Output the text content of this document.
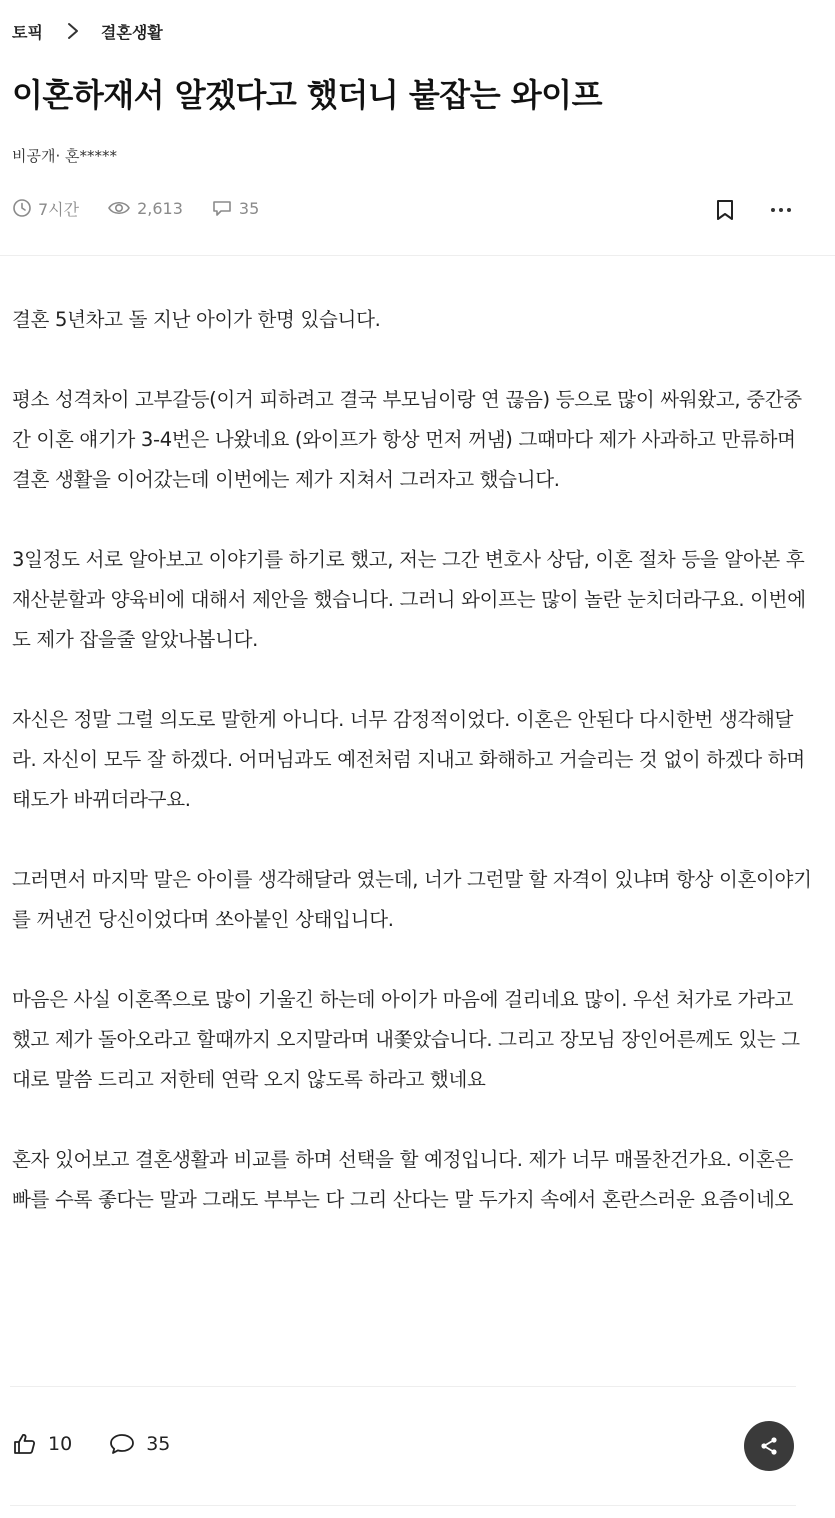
토픽	결혼생활
이혼하재서 알겠다고 했더니 붙잡는 와이프
비공개· 혼*****
7시간	2,613	35

결혼 5년차고 돌 지난 아이가 한명 있습니다.

평소 성격차이 고부갈등(이거 피하려고 결국 부모님이랑 연 끊음) 등으로 많이 싸워왔고, 중간중간 이혼 얘기가 3-4번은 나왔네요 (와이프가 항상 먼저 꺼냄) 그때마다 제가 사과하고 만류하며 결혼 생활을 이어갔는데 이번에는 제가 지쳐서 그러자고 했습니다.

3일정도 서로 알아보고 이야기를 하기로 했고, 저는 그간 변호사 상담, 이혼 절차 등을 알아본 후 재산분할과 양육비에 대해서 제안을 했습니다. 그러니 와이프는 많이 놀란 눈치더라구요. 이번에도 제가 잡을줄 알았나봅니다.

자신은 정말 그럴 의도로 말한게 아니다. 너무 감정적이었다. 이혼은 안된다 다시한번 생각해달라. 자신이 모두 잘 하겠다. 어머님과도 예전처럼 지내고 화해하고 거슬리는 것 없이 하겠다 하며 태도가 바뀌더라구요.

그러면서 마지막 말은 아이를 생각해달라 였는데, 너가 그런말 할 자격이 있냐며 항상 이혼이야기를 꺼낸건 당신이었다며 쏘아붙인 상태입니다.

마음은 사실 이혼쪽으로 많이 기울긴 하는데 아이가 마음에 걸리네요 많이. 우선 처가로 가라고 했고 제가 돌아오라고 할때까지 오지말라며 내쫓았습니다. 그리고 장모님 장인어른께도 있는 그대로 말씀 드리고 저한테 연락 오지 않도록 하라고 했네요

혼자 있어보고 결혼생활과 비교를 하며 선택을 할 예정입니다. 제가 너무 매몰찬건가요. 이혼은 빠를 수록 좋다는 말과 그래도 부부는 다 그리 산다는 말 두가지 속에서 혼란스러운 요즘이네오

10	35
